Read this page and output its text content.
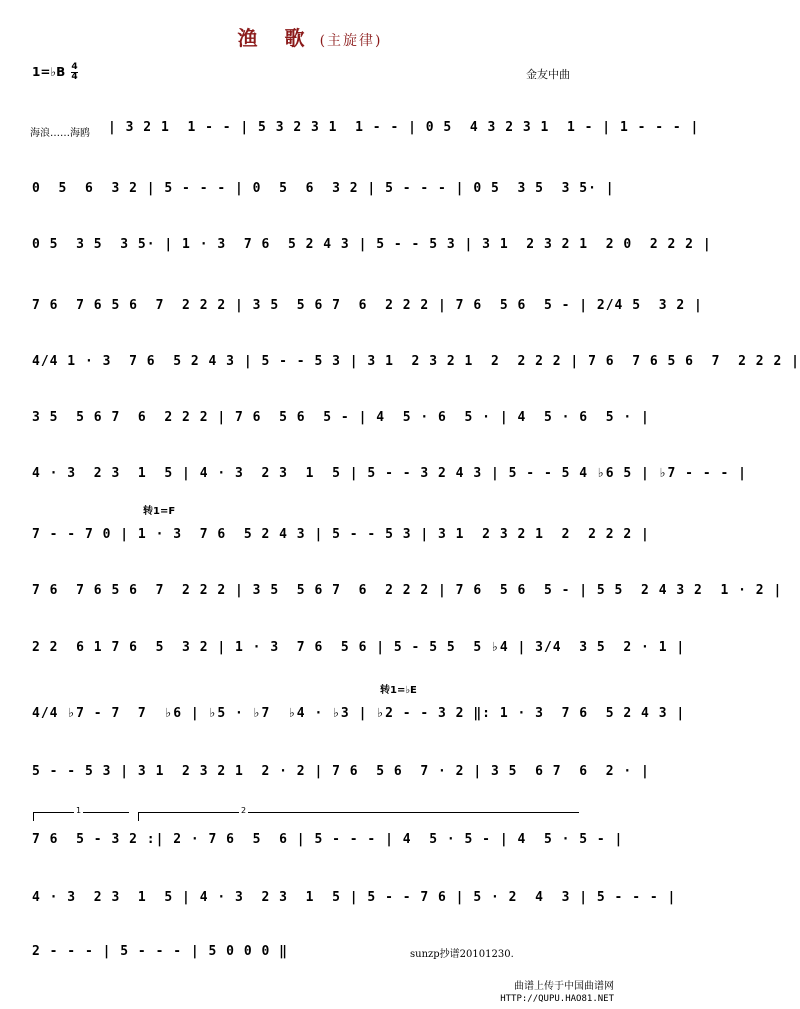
渔 歌 (主旋律)
1=♭B $\frac{4}{4}$	金友中曲
海浪……海鸥 | 3 2 1  1 - - | 5 3 2 3 1  1 - - | 0 5  4 3 2 3 1  1 - | 1 - - - |
0  5  6  3 2 | 5 - - - | 0  5  6  3 2 | 5 - - - | 0 5  3 5  3 5· |
0 5  3 5  3 5· | 1 · 3  7 6  5 2 4 3 | 5 - - 5 3 | 3 1  2 3 2 1  2 0  2 2 2 |
7 6  7 6 5 6  7  2 2 2 | 3 5  5 6 7  6  2 2 2 | 7 6  5 6  5 - | 2/4 5  3 2 |
4/4 1 · 3  7 6  5 2 4 3 | 5 - - 5 3 | 3 1  2 3 2 1  2  2 2 2 | 7 6  7 6 5 6  7  2 2 2 |
3 5  5 6 7  6  2 2 2 | 7 6  5 6  5 - | 4  5 · 6  5 · | 4  5 · 6  5 · |
4 · 3  2 3  1  5 | 4 · 3  2 3  1  5 | 5 - - 3 2 4 3 | 5 - - 5 4 ♭6 5 | ♭7 - - - |
转1=F
7 - - 7 0 | 1 · 3  7 6  5 2 4 3 | 5 - - 5 3 | 3 1  2 3 2 1  2  2 2 2 |
7 6  7 6 5 6  7  2 2 2 | 3 5  5 6 7  6  2 2 2 | 7 6  5 6  5 - | 5 5  2 4 3 2  1 · 2 |
2 2  6 1 7 6  5  3 2 | 1 · 3  7 6  5 6 | 5 - 5 5  5 ♭4 | 3/4  3 5  2 · 1 |
转1=♭E
4/4 ♭7 - 7  7  ♭6 | ♭5 · ♭7  ♭4 · ♭3 | ♭2 - - 3 2 ‖: 1 · 3  7 6  5 2 4 3 |
5 - - 5 3 | 3 1  2 3 2 1  2 · 2 | 7 6  5 6  7 · 2 | 3 5  6 7  6  2 · |
1	2
7 6  5 - 3 2 :| 2 · 7 6  5  6 | 5 - - - | 4  5 · 5 - | 4  5 · 5 - |
4 · 3  2 3  1  5 | 4 · 3  2 3  1  5 | 5 - - 7 6 | 5 · 2  4  3 | 5 - - - |
2 - - - | 5 - - - | 5 0 0 0 ‖	sunzp抄谱20101230.
曲谱上传于中国曲谱网
HTTP://QUPU.HAO81.NET
